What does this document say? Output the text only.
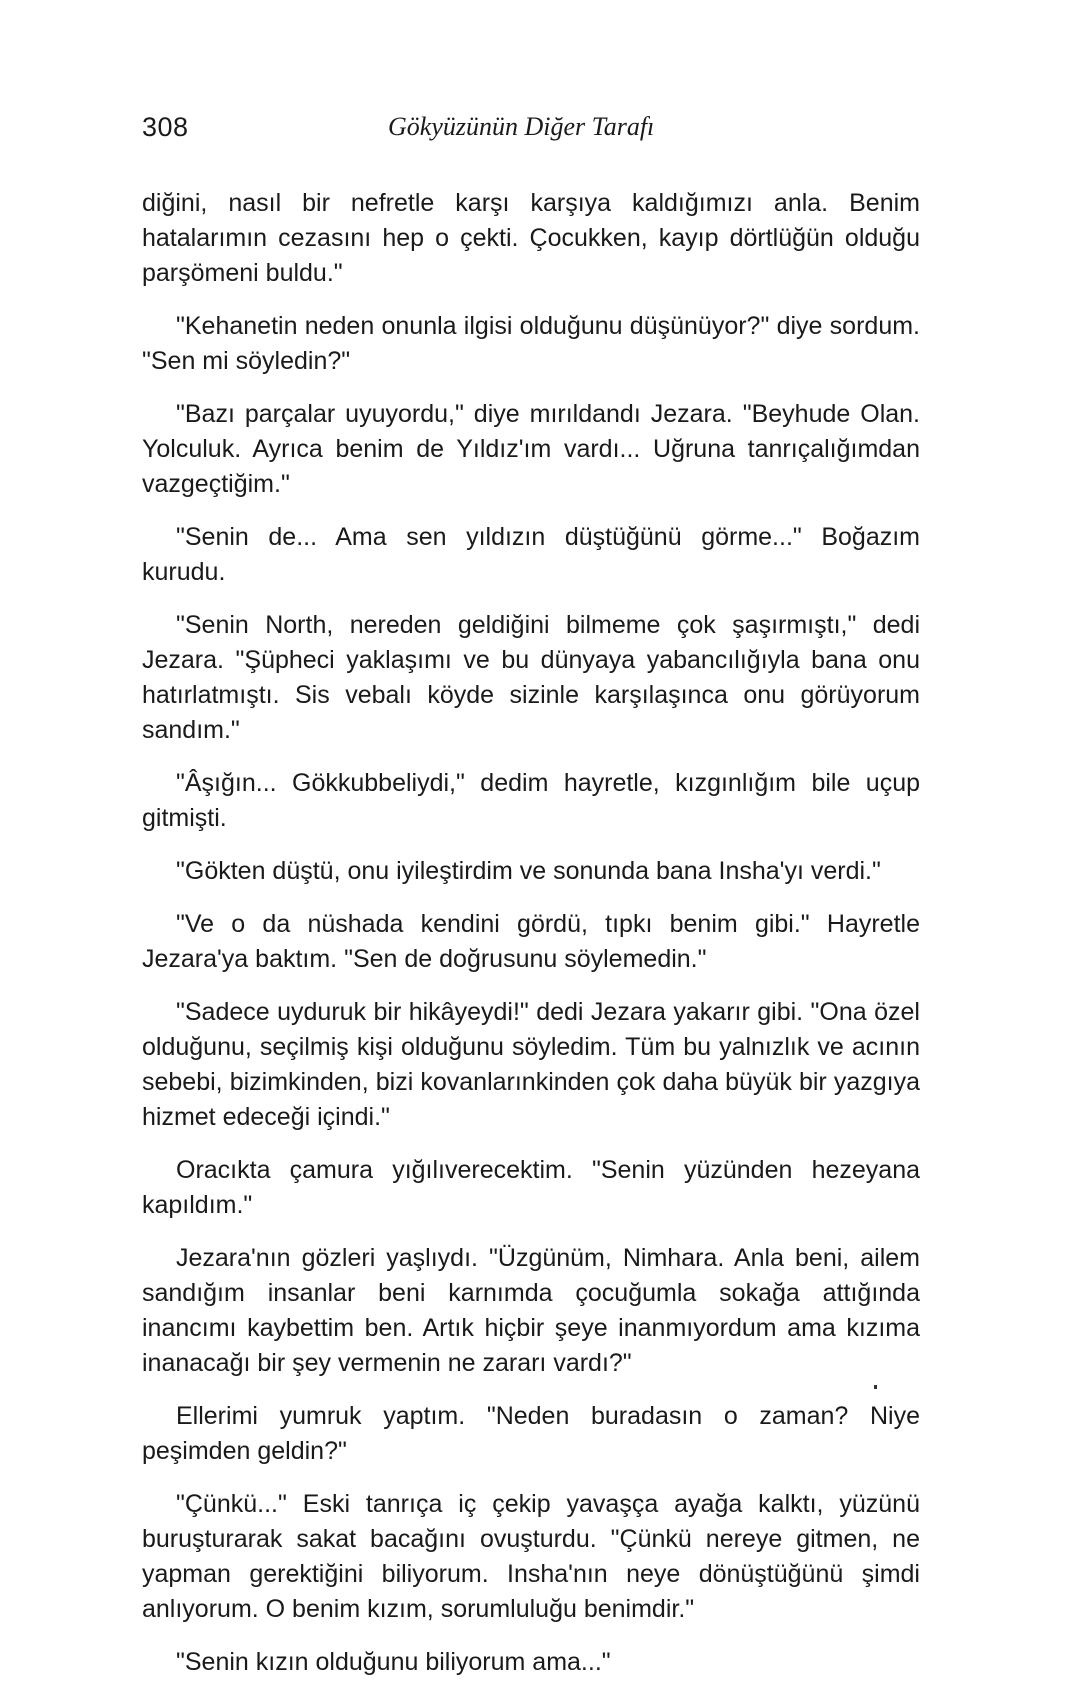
308	Gökyüzünün Diğer Tarafı

diğini, nasıl bir nefretle karşı karşıya kaldığımızı anla. Benim hatalarımın cezasını hep o çekti. Çocukken, kayıp dörtlüğün olduğu parşömeni buldu."

"Kehanetin neden onunla ilgisi olduğunu düşünüyor?" diye sordum. "Sen mi söyledin?"

"Bazı parçalar uyuyordu," diye mırıldandı Jezara. "Beyhude Olan. Yolculuk. Ayrıca benim de Yıldız'ım vardı... Uğruna tanrıçalığımdan vazgeçtiğim."

"Senin de... Ama sen yıldızın düştüğünü görme..." Boğazım kurudu.

"Senin North, nereden geldiğini bilmeme çok şaşırmıştı," dedi Jezara. "Şüpheci yaklaşımı ve bu dünyaya yabancılığıyla bana onu hatırlatmıştı. Sis vebalı köyde sizinle karşılaşınca onu görüyorum sandım."

"Âşığın... Gökkubbeliydi," dedim hayretle, kızgınlığım bile uçup gitmişti.

"Gökten düştü, onu iyileştirdim ve sonunda bana Insha'yı verdi."

"Ve o da nüshada kendini gördü, tıpkı benim gibi." Hayretle Jezara'ya baktım. "Sen de doğrusunu söylemedin."

"Sadece uyduruk bir hikâyeydi!" dedi Jezara yakarır gibi. "Ona özel olduğunu, seçilmiş kişi olduğunu söyledim. Tüm bu yalnızlık ve acının sebebi, bizimkinden, bizi kovanlarınkinden çok daha büyük bir yazgıya hizmet edeceği içindi."

Oracıkta çamura yığılıverecektim. "Senin yüzünden hezeyana kapıldım."

Jezara'nın gözleri yaşlıydı. "Üzgünüm, Nimhara. Anla beni, ailem sandığım insanlar beni karnımda çocuğumla sokağa attığında inancımı kaybettim ben. Artık hiçbir şeye inanmıyordum ama kızıma inanacağı bir şey vermenin ne zararı vardı?"

Ellerimi yumruk yaptım. "Neden buradasın o zaman? Niye peşimden geldin?"

"Çünkü..." Eski tanrıça iç çekip yavaşça ayağa kalktı, yüzünü buruşturarak sakat bacağını ovuşturdu. "Çünkü nereye gitmen, ne yapman gerektiğini biliyorum. Insha'nın neye dönüştüğünü şimdi anlıyorum. O benim kızım, sorumluluğu benimdir."

"Senin kızın olduğunu biliyorum ama..."
